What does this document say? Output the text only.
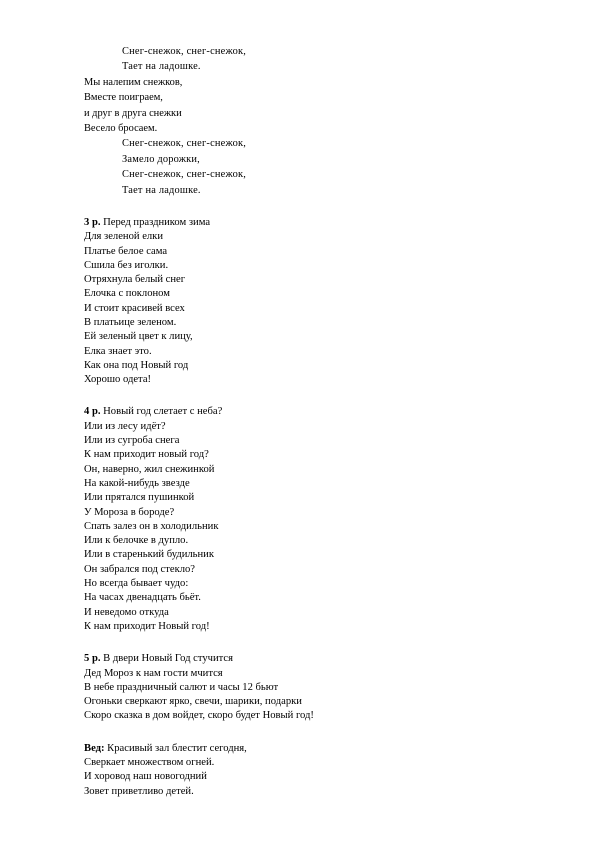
Снег-снежок, снег-снежок,
Тает на ладошке.
Мы налепим снежков,
Вместе поиграем,
и друг в друга снежки
Весело бросаем.
Снег-снежок, снег-снежок,
Замело дорожки,
Снег-снежок, снег-снежок,
Тает на ладошке.
3 р. Перед праздником зима
Для зеленой елки
Платье белое сама
Сшила без иголки.
Отряхнула белый снег
Елочка с поклоном
И стоит красивей всех
В платьице зеленом.
Ей зеленый цвет к лицу,
Елка знает это.
Как она под Новый год
Хорошо одета!
4 р. Новый год слетает с неба?
Или из лесу идёт?
Или из сугроба снега
К нам приходит новый год?
Он, наверно, жил снежинкой
На какой-нибудь звезде
Или прятался пушинкой
У Мороза в бороде?
Спать залез он в холодильник
Или к белочке в дупло.
Или в старенький будильник
Он забрался под стекло?
Но всегда бывает чудо:
На часах двенадцать бьёт.
И неведомо откуда
К нам приходит Новый год!
5 р. В двери Новый Год стучится
Дед Мороз к нам гости мчится
В небе праздничный салют и часы 12 бьют
Огоньки сверкают ярко, свечи, шарики, подарки
Скоро сказка в дом войдет, скоро будет Новый год!
Вед: Красивый зал блестит сегодня,
Сверкает множеством огней.
И хоровод наш новогодний
Зовет приветливо детей.
